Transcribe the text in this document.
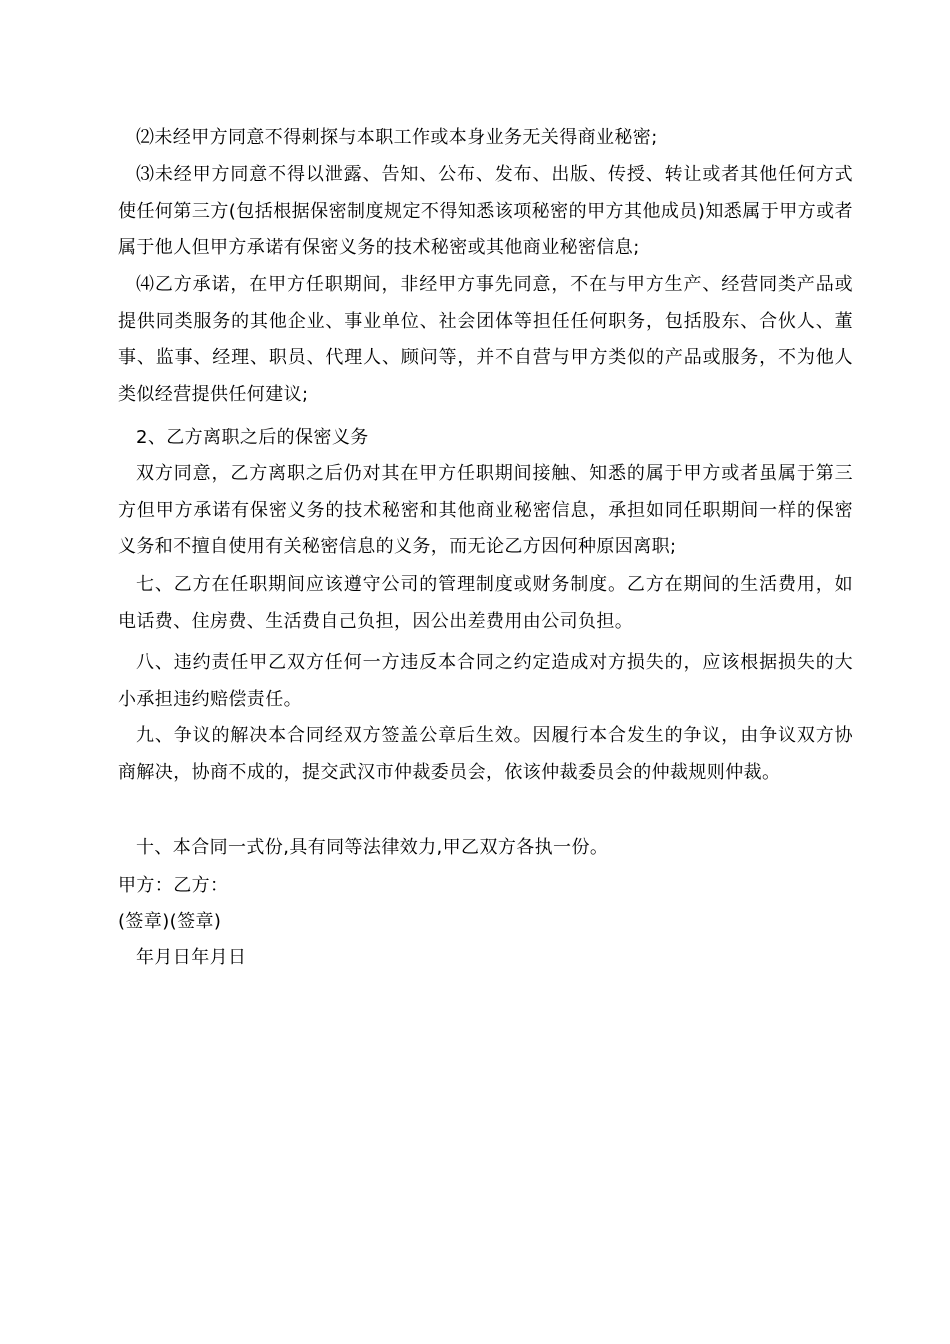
⑵未经甲方同意不得刺探与本职工作或本身业务无关得商业秘密;

⑶未经甲方同意不得以泄露、告知、公布、发布、出版、传授、转让或者其他任何方式使任何第三方(包括根据保密制度规定不得知悉该项秘密的甲方其他成员)知悉属于甲方或者属于他人但甲方承诺有保密义务的技术秘密或其他商业秘密信息;

⑷乙方承诺，在甲方任职期间，非经甲方事先同意，不在与甲方生产、经营同类产品或提供同类服务的其他企业、事业单位、社会团体等担任任何职务，包括股东、合伙人、董事、监事、经理、职员、代理人、顾问等，并不自营与甲方类似的产品或服务，不为他人类似经营提供任何建议;

2、乙方离职之后的保密义务

双方同意，乙方离职之后仍对其在甲方任职期间接触、知悉的属于甲方或者虽属于第三方但甲方承诺有保密义务的技术秘密和其他商业秘密信息，承担如同任职期间一样的保密义务和不擅自使用有关秘密信息的义务，而无论乙方因何种原因离职;

七、乙方在任职期间应该遵守公司的管理制度或财务制度。乙方在期间的生活费用，如电话费、住房费、生活费自己负担，因公出差费用由公司负担。

八、违约责任甲乙双方任何一方违反本合同之约定造成对方损失的，应该根据损失的大小承担违约赔偿责任。

九、争议的解决本合同经双方签盖公章后生效。因履行本合发生的争议，由争议双方协商解决，协商不成的，提交武汉市仲裁委员会，依该仲裁委员会的仲裁规则仲裁。

十、本合同一式份,具有同等法律效力,甲乙双方各执一份。

甲方：乙方：

(签章)(签章)

年月日年月日
